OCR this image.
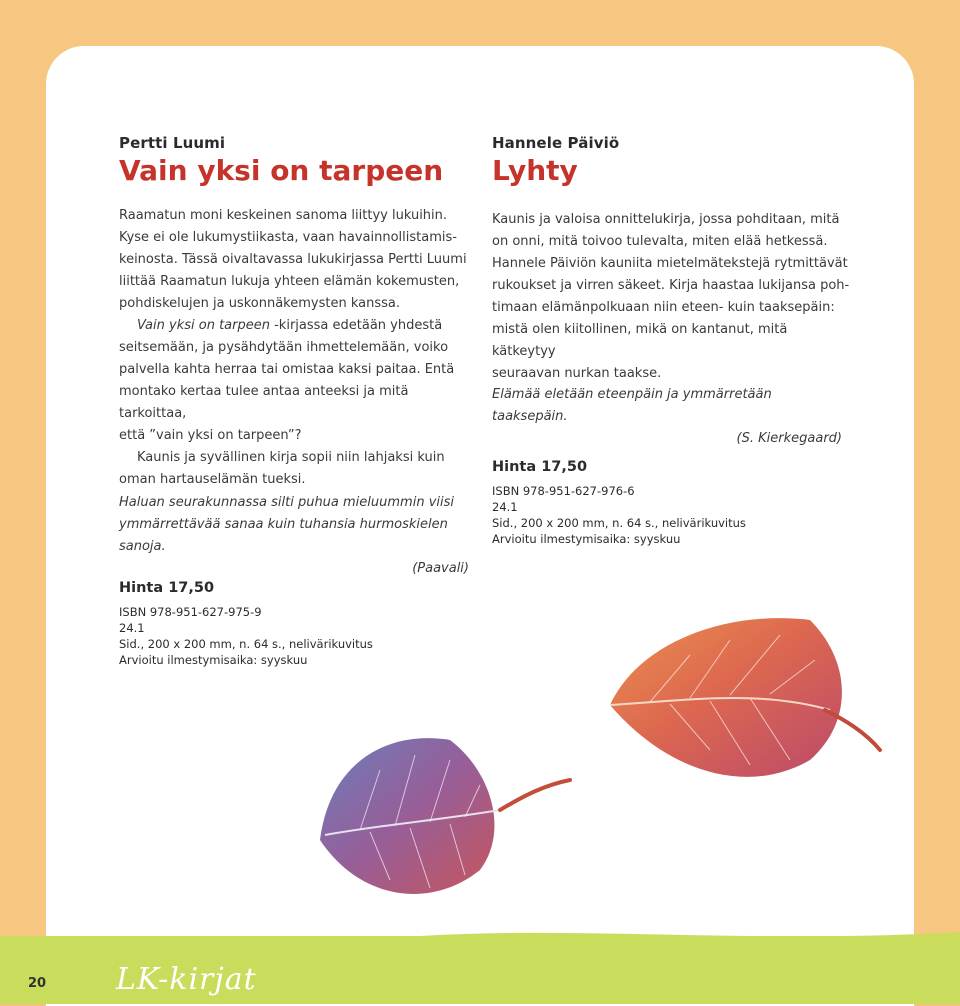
Pertti Luumi

Vain yksi on tarpeen

Raamatun moni keskeinen sanoma liittyy lukuihin.

Kyse ei ole lukumystiikasta, vaan havainnollistamis-

keinosta. Tässä oivaltavassa lukukirjassa Pertti Luumi

liittää Raamatun lukuja yhteen elämän kokemusten,

pohdiskelujen ja uskonnäkemysten kanssa.

Vain yksi on tarpeen -kirjassa edetään yhdestä

seitsemään, ja pysähdytään ihmettelemään, voiko

palvella kahta herraa tai omistaa kaksi paitaa. Entä

montako kertaa tulee antaa anteeksi ja mitä tarkoittaa,

että ”vain yksi on tarpeen”?

Kaunis ja syvällinen kirja sopii niin lahjaksi kuin

oman hartauselämän tueksi.

Haluan seurakunnassa silti puhua mieluummin viisi

ymmärrettävää sanaa kuin tuhansia hurmoskielen sanoja.

(Paavali)

Hinta 17,50

ISBN 978-951-627-975-9
24.1
Sid., 200 x 200 mm, n. 64 s., nelivärikuvitus
Arvioitu ilmestymisaika: syyskuu

Hannele Päiviö

Lyhty

Kaunis ja valoisa onnittelukirja, jossa pohditaan, mitä

on onni, mitä toivoo tulevalta, miten elää hetkessä.

Hannele Päiviön kauniita mietelmätekstejä rytmittävät

rukoukset ja virren säkeet. Kirja haastaa lukijansa poh-

timaan elämänpolkuaan niin eteen- kuin taaksepäin:

mistä olen kiitollinen, mikä on kantanut, mitä kätkeytyy

seuraavan nurkan taakse.

Elämää eletään eteenpäin ja ymmärretään taaksepäin.

(S. Kierkegaard)

Hinta 17,50

ISBN 978-951-627-976-6
24.1
Sid., 200 x 200 mm, n. 64 s., nelivärikuvitus
Arvioitu ilmestymisaika: syyskuu
20 LK-kirjat
